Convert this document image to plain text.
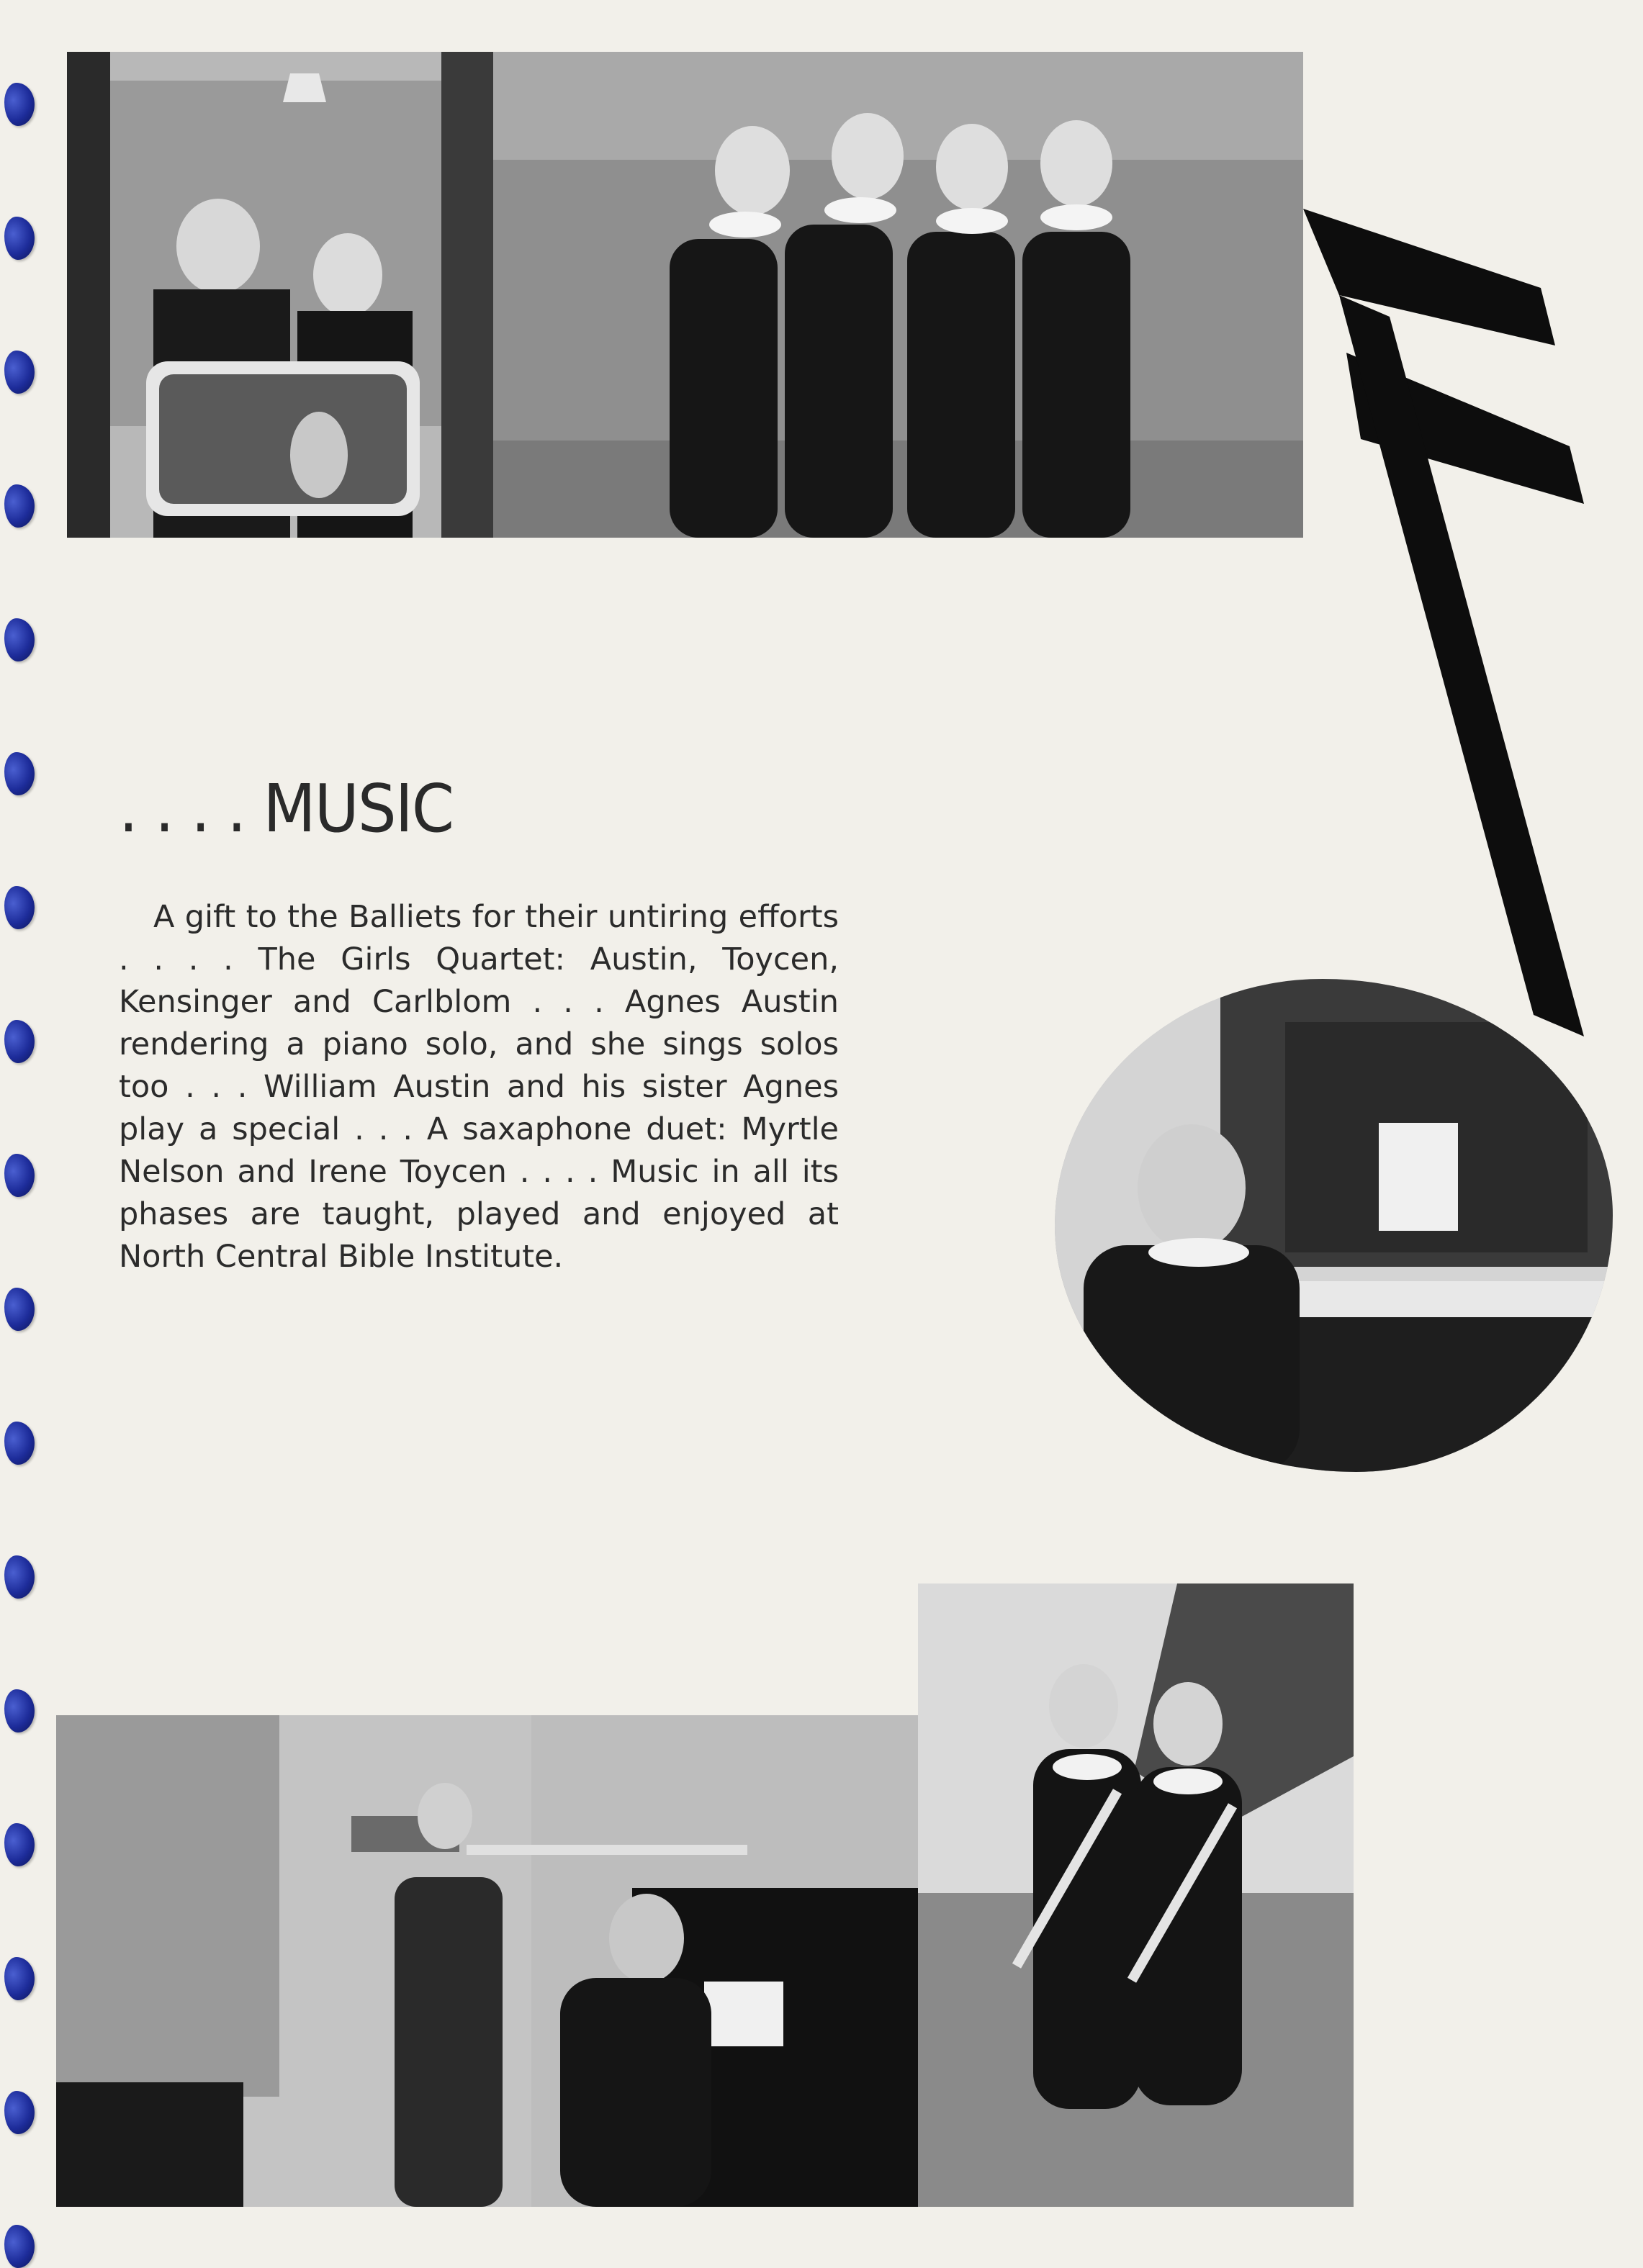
. . . . MUSIC
A gift to the Balliets for their untiring efforts . . . . The Girls Quartet: Austin, Toycen, Kensinger and Carlblom . . . Agnes Austin rendering a piano solo, and she sings solos too . . . William Austin and his sister Agnes play a special . . . A saxaphone duet: Myrtle Nelson and Irene Toycen . . . . Music in all its phases are taught, played and enjoyed at North Central Bible Institute.
